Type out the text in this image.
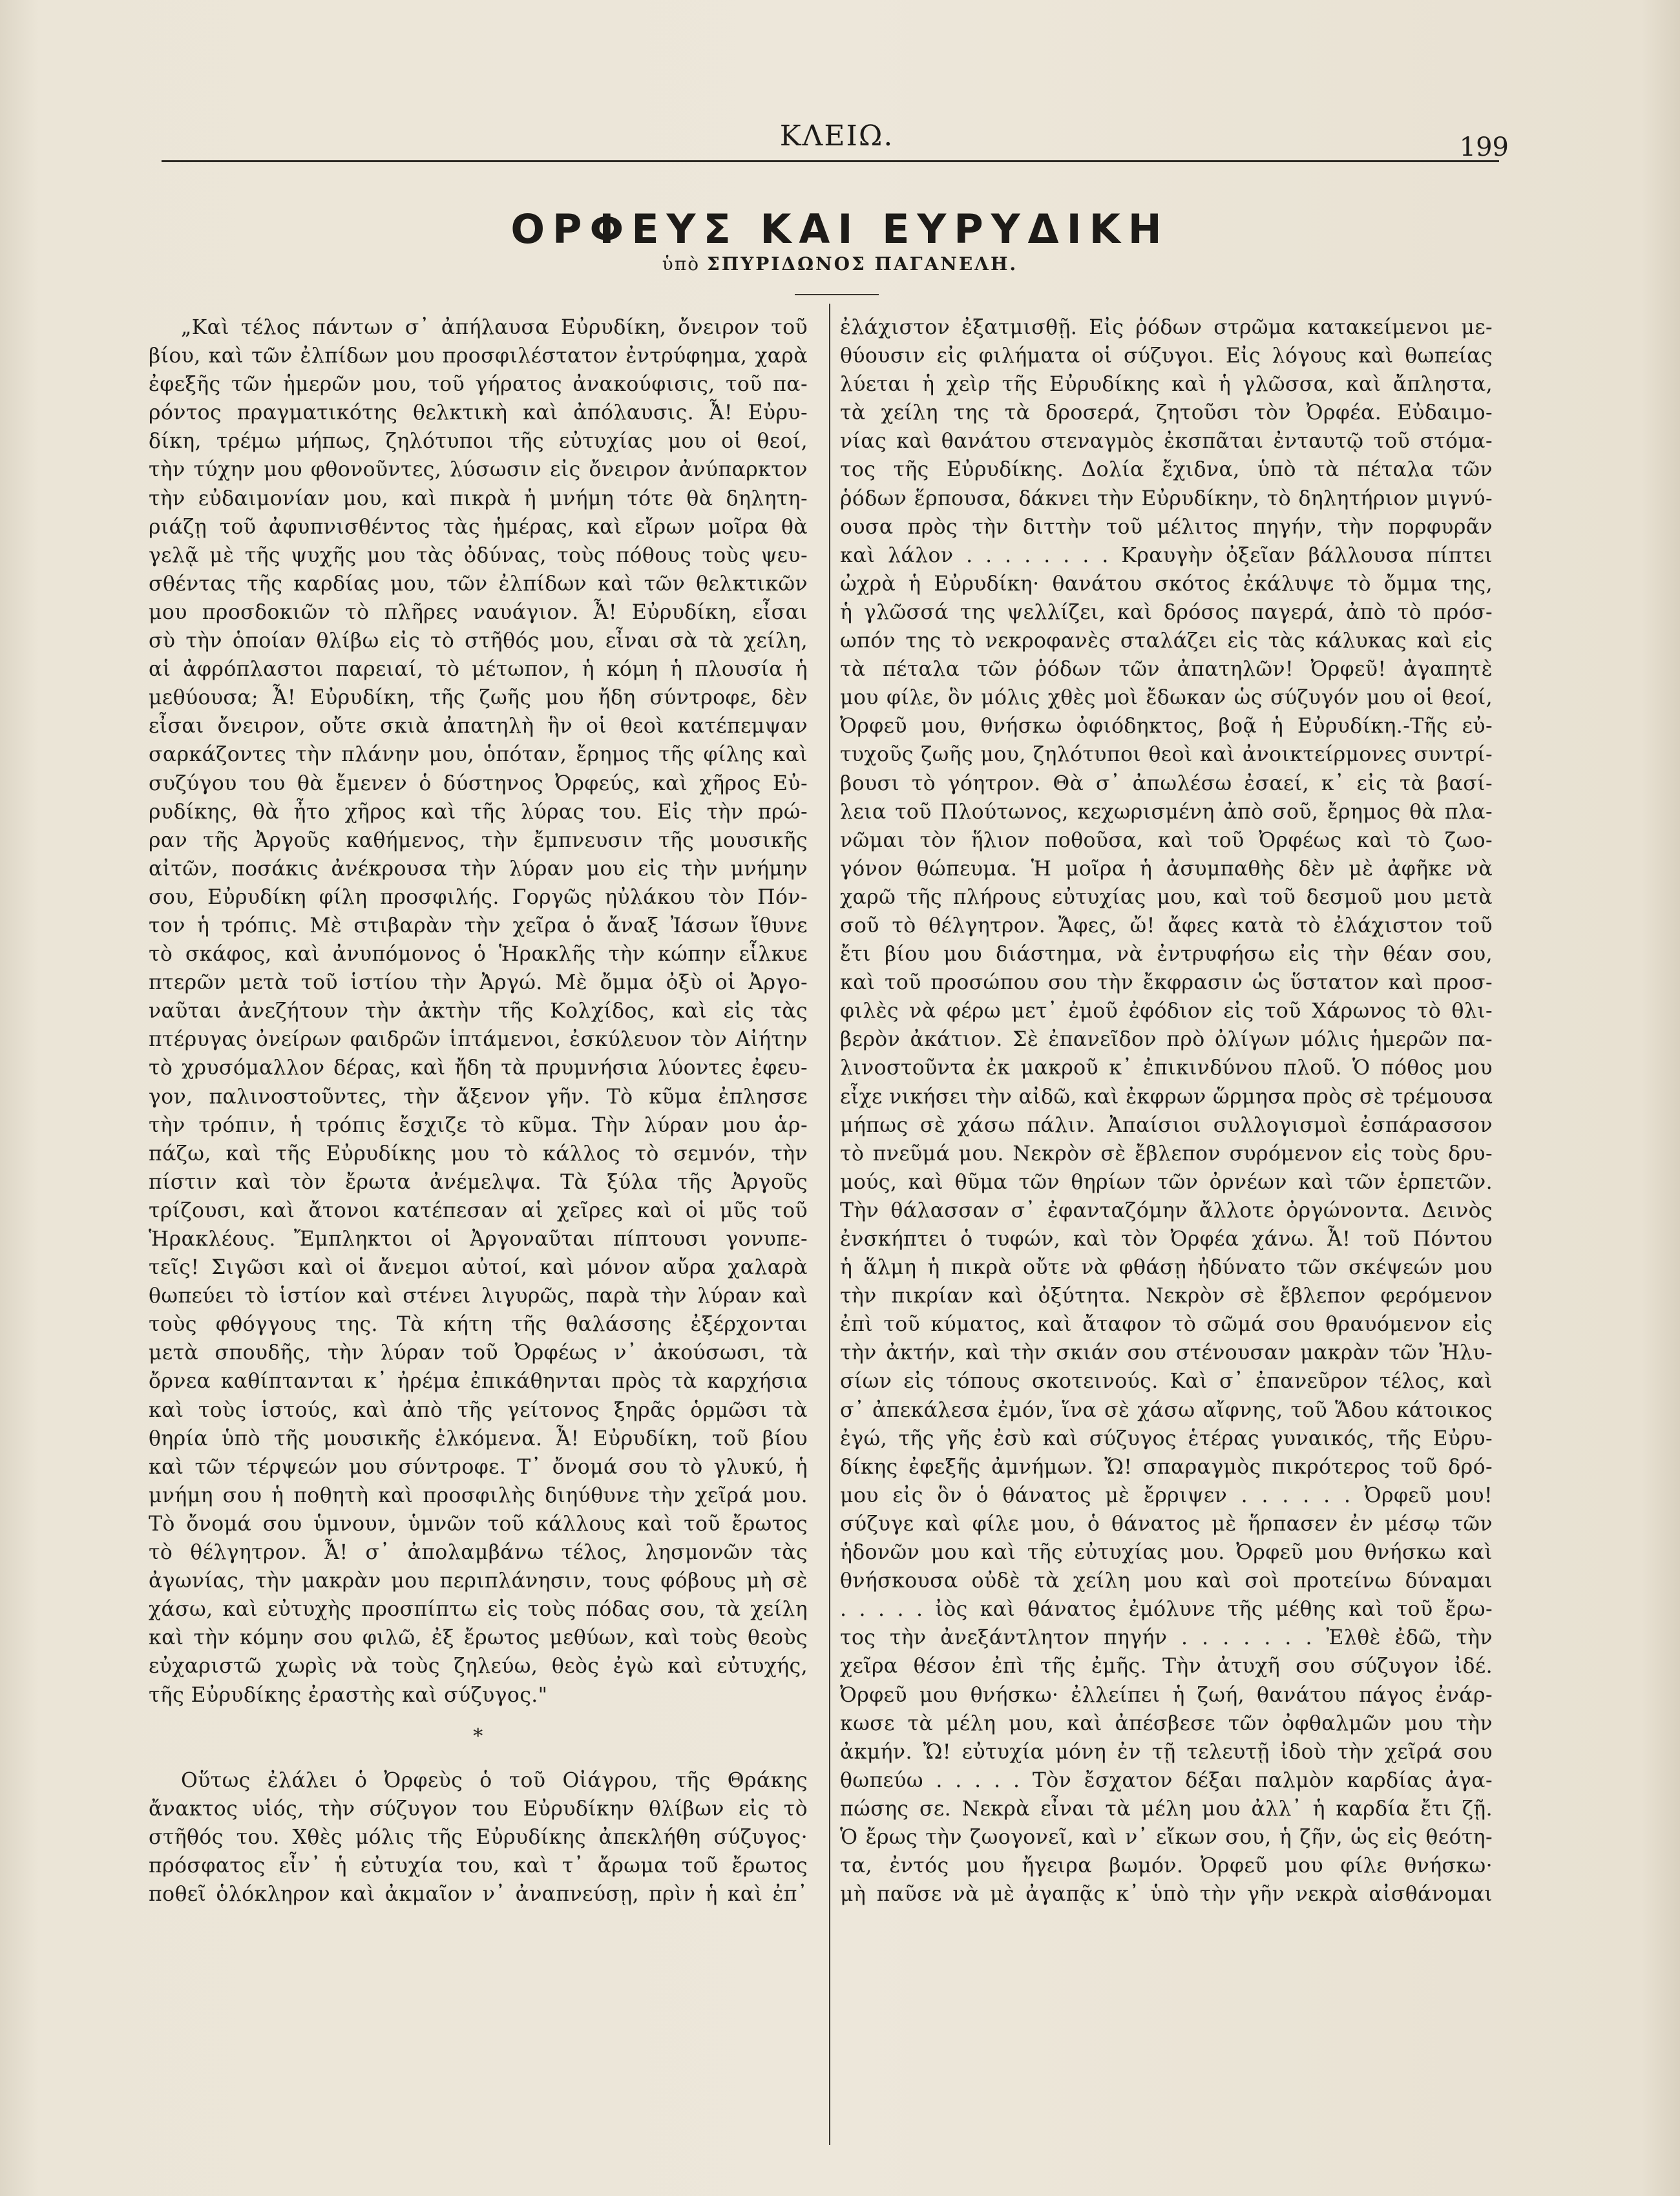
ΚΛΕΙΩ.	199
ΟΡΦΕΥΣ ΚΑΙ ΕΥΡΥΔΙΚΗ
ὑπὸ ΣΠΥΡΙΔΩΝΟΣ ΠΑΓΑΝΕΛΗ.
„Καὶ τέλος πάντων σ᾿ ἀπήλαυσα Εὐρυδίκη, ὄνειρον τοῦ
βίου, καὶ τῶν ἐλπίδων μου προσφιλέστατον ἐντρύφημα, χαρὰ
ἐφεξῆς τῶν ἡμερῶν μου, τοῦ γήρατος ἀνακούφισις, τοῦ πα-
ρόντος πραγματικότης θελκτικὴ καὶ ἀπόλαυσις. Ἆ! Εὐρυ-
δίκη, τρέμω μήπως, ζηλότυποι τῆς εὐτυχίας μου οἱ θεοί,
τὴν τύχην μου φθονοῦντες, λύσωσιν εἰς ὄνειρον ἀνύπαρκτον
τὴν εὐδαιμονίαν μου, καὶ πικρὰ ἡ μνήμη τότε θὰ δηλητη-
ριάζῃ τοῦ ἀφυπνισθέντος τὰς ἡμέρας, καὶ εἴρων μοῖρα θὰ
γελᾷ μὲ τῆς ψυχῆς μου τὰς ὀδύνας, τοὺς πόθους τοὺς ψευ-
σθέντας τῆς καρδίας μου, τῶν ἐλπίδων καὶ τῶν θελκτικῶν
μου προσδοκιῶν τὸ πλῆρες ναυάγιον. Ἆ! Εὐρυδίκη, εἶσαι
σὺ τὴν ὁποίαν θλίβω εἰς τὸ στῆθός μου, εἶναι σὰ τὰ χείλη,
αἱ ἀφρόπλαστοι παρειαί, τὸ μέτωπον, ἡ κόμη ἡ πλουσία ἡ
μεθύουσα; Ἆ! Εὐρυδίκη, τῆς ζωῆς μου ἤδη σύντροφε, δὲν
εἶσαι ὄνειρον, οὔτε σκιὰ ἀπατηλὴ ἣν οἱ θεοὶ κατέπεμψαν
σαρκάζοντες τὴν πλάνην μου, ὁπόταν, ἔρημος τῆς φίλης καὶ
συζύγου του θὰ ἔμενεν ὁ δύστηνος Ὀρφεύς, καὶ χῆρος Εὐ-
ρυδίκης, θὰ ἦτο χῆρος καὶ τῆς λύρας του. Εἰς τὴν πρώ-
ραν τῆς Ἀργοῦς καθήμενος, τὴν ἔμπνευσιν τῆς μουσικῆς
αἰτῶν, ποσάκις ἀνέκρουσα τὴν λύραν μου εἰς τὴν μνήμην
σου, Εὐρυδίκη φίλη προσφιλής. Γοργῶς ηὐλάκου τὸν Πόν-
τον ἡ τρόπις. Μὲ στιβαρὰν τὴν χεῖρα ὁ ἄναξ Ἰάσων ἴθυνε
τὸ σκάφος, καὶ ἀνυπόμονος ὁ Ἡρακλῆς τὴν κώπην εἷλκυε
πτερῶν μετὰ τοῦ ἱστίου τὴν Ἀργώ. Μὲ ὄμμα ὀξὺ οἱ Ἀργο-
ναῦται ἀνεζήτουν τὴν ἀκτὴν τῆς Κολχίδος, καὶ εἰς τὰς
πτέρυγας ὀνείρων φαιδρῶν ἱπτάμενοι, ἐσκύλευον τὸν Αἰήτην
τὸ χρυσόμαλλον δέρας, καὶ ἤδη τὰ πρυμνήσια λύοντες ἐφευ-
γον, παλινοστοῦντες, τὴν ἄξενον γῆν. Τὸ κῦμα ἐπλησσε
τὴν τρόπιν, ἡ τρόπις ἔσχιζε τὸ κῦμα. Τὴν λύραν μου ἁρ-
πάζω, καὶ τῆς Εὐρυδίκης μου τὸ κάλλος τὸ σεμνόν, τὴν
πίστιν καὶ τὸν ἔρωτα ἀνέμελψα. Τὰ ξύλα τῆς Ἀργοῦς
τρίζουσι, καὶ ἄτονοι κατέπεσαν αἱ χεῖρες καὶ οἱ μῦς τοῦ
Ἡρακλέους. Ἔμπληκτοι οἱ Ἀργοναῦται πίπτουσι γονυπε-
τεῖς! Σιγῶσι καὶ οἱ ἄνεμοι αὐτοί, καὶ μόνον αὔρα χαλαρὰ
θωπεύει τὸ ἱστίον καὶ στένει λιγυρῶς, παρὰ τὴν λύραν καὶ
τοὺς φθόγγους της. Τὰ κήτη τῆς θαλάσσης ἐξέρχονται
μετὰ σπουδῆς, τὴν λύραν τοῦ Ὀρφέως ν᾿ ἀκούσωσι, τὰ
ὄρνεα καθίπτανται κ᾿ ἠρέμα ἐπικάθηνται πρὸς τὰ καρχήσια
καὶ τοὺς ἱστούς, καὶ ἀπὸ τῆς γείτονος ξηρᾶς ὁρμῶσι τὰ
θηρία ὑπὸ τῆς μουσικῆς ἑλκόμενα. Ἆ! Εὐρυδίκη, τοῦ βίου
καὶ τῶν τέρψεών μου σύντροφε. Τ᾿ ὄνομά σου τὸ γλυκύ, ἡ
μνήμη σου ἡ ποθητὴ καὶ προσφιλὴς διηύθυνε τὴν χεῖρά μου.
Τὸ ὄνομά σου ὑμνουν, ὑμνῶν τοῦ κάλλους καὶ τοῦ ἔρωτος
τὸ θέλγητρον. Ἆ! σ᾿ ἀπολαμβάνω τέλος, λησμονῶν τὰς
ἀγωνίας, τὴν μακρὰν μου περιπλάνησιν, τους φόβους μὴ σὲ
χάσω, καὶ εὐτυχὴς προσπίπτω εἰς τοὺς πόδας σου, τὰ χείλη
καὶ τὴν κόμην σου φιλῶ, ἐξ ἔρωτος μεθύων, καὶ τοὺς θεοὺς
εὐχαριστῶ χωρὶς νὰ τοὺς ζηλεύω, θεὸς ἐγὼ καὶ εὐτυχής,
τῆς Εὐρυδίκης ἐραστὴς καὶ σύζυγος."
*
Οὕτως ἐλάλει ὁ Ὀρφεὺς ὁ τοῦ Οἰάγρου, τῆς Θράκης
ἄνακτος υἱός, τὴν σύζυγον του Εὐρυδίκην θλίβων εἰς τὸ
στῆθός του. Χθὲς μόλις τῆς Εὐρυδίκης ἀπεκλήθη σύζυγος·
πρόσφατος εἶν᾿ ἡ εὐτυχία του, καὶ τ᾿ ἄρωμα τοῦ ἔρωτος
ποθεῖ ὁλόκληρον καὶ ἀκμαῖον ν᾿ ἀναπνεύσῃ, πρὶν ἡ καὶ ἐπ᾿
ἐλάχιστον ἐξατμισθῇ. Εἰς ῥόδων στρῶμα κατακείμενοι με-
θύουσιν εἰς φιλήματα οἱ σύζυγοι. Εἰς λόγους καὶ θωπείας
λύεται ἡ χεὶρ τῆς Εὐρυδίκης καὶ ἡ γλῶσσα, καὶ ἄπληστα,
τὰ χείλη της τὰ δροσερά, ζητοῦσι τὸν Ὀρφέα. Εὐδαιμο-
νίας καὶ θανάτου στεναγμὸς ἐκσπᾶται ἐνταυτῷ τοῦ στόμα-
τος τῆς Εὐρυδίκης. Δολία ἔχιδνα, ὑπὸ τὰ πέταλα τῶν
ῥόδων ἕρπουσα, δάκνει τὴν Εὐρυδίκην, τὸ δηλητήριον μιγνύ-
ουσα πρὸς τὴν διττὴν τοῦ μέλιτος πηγήν, τὴν πορφυρᾶν
καὶ λάλον . . . . . . . . Κραυγὴν ὀξεῖαν βάλλουσα πίπτει
ὠχρὰ ἡ Εὐρυδίκη· θανάτου σκότος ἐκάλυψε τὸ ὄμμα της,
ἡ γλῶσσά της ψελλίζει, καὶ δρόσος παγερά, ἀπὸ τὸ πρόσ-
ωπόν της τὸ νεκροφανὲς σταλάζει εἰς τὰς κάλυκας καὶ εἰς
τὰ πέταλα τῶν ῥόδων τῶν ἀπατηλῶν! Ὀρφεῦ! ἀγαπητὲ
μου φίλε, ὃν μόλις χθὲς μοὶ ἔδωκαν ὡς σύζυγόν μου οἱ θεοί,
Ὀρφεῦ μου, θνήσκω ὀφιόδηκτος, βοᾷ ἡ Εὐρυδίκη.-Τῆς εὐ-
τυχοῦς ζωῆς μου, ζηλότυποι θεοὶ καὶ ἀνοικτείρμονες συντρί-
βουσι τὸ γόητρον. Θὰ σ᾿ ἀπωλέσω ἐσαεί, κ᾿ εἰς τὰ βασί-
λεια τοῦ Πλούτωνος, κεχωρισμένη ἀπὸ σοῦ, ἔρημος θὰ πλα-
νῶμαι τὸν ἥλιον ποθοῦσα, καὶ τοῦ Ὀρφέως καὶ τὸ ζωο-
γόνον θώπευμα. Ἡ μοῖρα ἡ ἀσυμπαθὴς δὲν μὲ ἀφῆκε νὰ
χαρῶ τῆς πλήρους εὐτυχίας μου, καὶ τοῦ δεσμοῦ μου μετὰ
σοῦ τὸ θέλγητρον. Ἄφες, ὤ! ἄφες κατὰ τὸ ἐλάχιστον τοῦ
ἔτι βίου μου διάστημα, νὰ ἐντρυφήσω εἰς τὴν θέαν σου,
καὶ τοῦ προσώπου σου τὴν ἔκφρασιν ὡς ὕστατον καὶ προσ-
φιλὲς νὰ φέρω μετ᾿ ἐμοῦ ἐφόδιον εἰς τοῦ Χάρωνος τὸ θλι-
βερὸν ἀκάτιον. Σὲ ἐπανεῖδον πρὸ ὀλίγων μόλις ἡμερῶν πα-
λινοστοῦντα ἐκ μακροῦ κ᾿ ἐπικινδύνου πλοῦ. Ὁ πόθος μου
εἶχε νικήσει τὴν αἰδῶ, καὶ ἐκφρων ὥρμησα πρὸς σὲ τρέμουσα
μήπως σὲ χάσω πάλιν. Ἀπαίσιοι συλλογισμοὶ ἐσπάρασσον
τὸ πνεῦμά μου. Νεκρὸν σὲ ἔβλεπον συρόμενον εἰς τοὺς δρυ-
μούς, καὶ θῦμα τῶν θηρίων τῶν ὀρνέων καὶ τῶν ἑρπετῶν.
Τὴν θάλασσαν σ᾿ ἐφανταζόμην ἄλλοτε ὀργώνοντα. Δεινὸς
ἐνσκήπτει ὁ τυφών, καὶ τὸν Ὀρφέα χάνω. Ἆ! τοῦ Πόντου
ἡ ἅλμη ἡ πικρὰ οὔτε νὰ φθάσῃ ἠδύνατο τῶν σκέψεών μου
τὴν πικρίαν καὶ ὀξύτητα. Νεκρὸν σὲ ἔβλεπον φερόμενον
ἐπὶ τοῦ κύματος, καὶ ἄταφον τὸ σῶμά σου θραυόμενον εἰς
τὴν ἀκτήν, καὶ τὴν σκιάν σου στένουσαν μακρὰν τῶν Ἠλυ-
σίων εἰς τόπους σκοτεινούς. Καὶ σ᾿ ἐπανεῦρον τέλος, καὶ
σ᾿ ἀπεκάλεσα ἐμόν, ἵνα σὲ χάσω αἴφνης, τοῦ Ἅδου κάτοικος
ἐγώ, τῆς γῆς ἐσὺ καὶ σύζυγος ἑτέρας γυναικός, τῆς Εὐρυ-
δίκης ἐφεξῆς ἀμνήμων. Ὤ! σπαραγμὸς πικρότερος τοῦ δρό-
μου εἰς ὃν ὁ θάνατος μὲ ἔρριψεν . . . . . . Ὀρφεῦ μου!
σύζυγε καὶ φίλε μου, ὁ θάνατος μὲ ἥρπασεν ἐν μέσῳ τῶν
ἡδονῶν μου καὶ τῆς εὐτυχίας μου. Ὀρφεῦ μου θνήσκω καὶ
θνήσκουσα οὐδὲ τὰ χείλη μου καὶ σοὶ προτείνω δύναμαι
. . . . . ἰὸς καὶ θάνατος ἐμόλυνε τῆς μέθης καὶ τοῦ ἔρω-
τος τὴν ἀνεξάντλητον πηγήν . . . . . . . Ἐλθὲ ἐδῶ, τὴν
χεῖρα θέσον ἐπὶ τῆς ἐμῆς. Τὴν ἀτυχῆ σου σύζυγον ἰδέ.
Ὀρφεῦ μου θνήσκω· ἐλλείπει ἡ ζωή, θανάτου πάγος ἐνάρ-
κωσε τὰ μέλη μου, καὶ ἀπέσβεσε τῶν ὀφθαλμῶν μου τὴν
ἀκμήν. Ὤ! εὐτυχία μόνη ἐν τῇ τελευτῇ ἰδοὺ τὴν χεῖρά σου
θωπεύω . . . . . Τὸν ἔσχατον δέξαι παλμὸν καρδίας ἀγα-
πώσης σε. Νεκρὰ εἶναι τὰ μέλη μου ἀλλ᾿ ἡ καρδία ἔτι ζῇ.
Ὁ ἔρως τὴν ζωογονεῖ, καὶ ν᾿ εἴκων σου, ἡ ζῆν, ὡς εἰς θεότη-
τα, ἐντός μου ἤγειρα βωμόν. Ὀρφεῦ μου φίλε θνήσκω·
μὴ παῦσε νὰ μὲ ἀγαπᾷς κ᾿ ὑπὸ τὴν γῆν νεκρὰ αἰσθάνομαι
